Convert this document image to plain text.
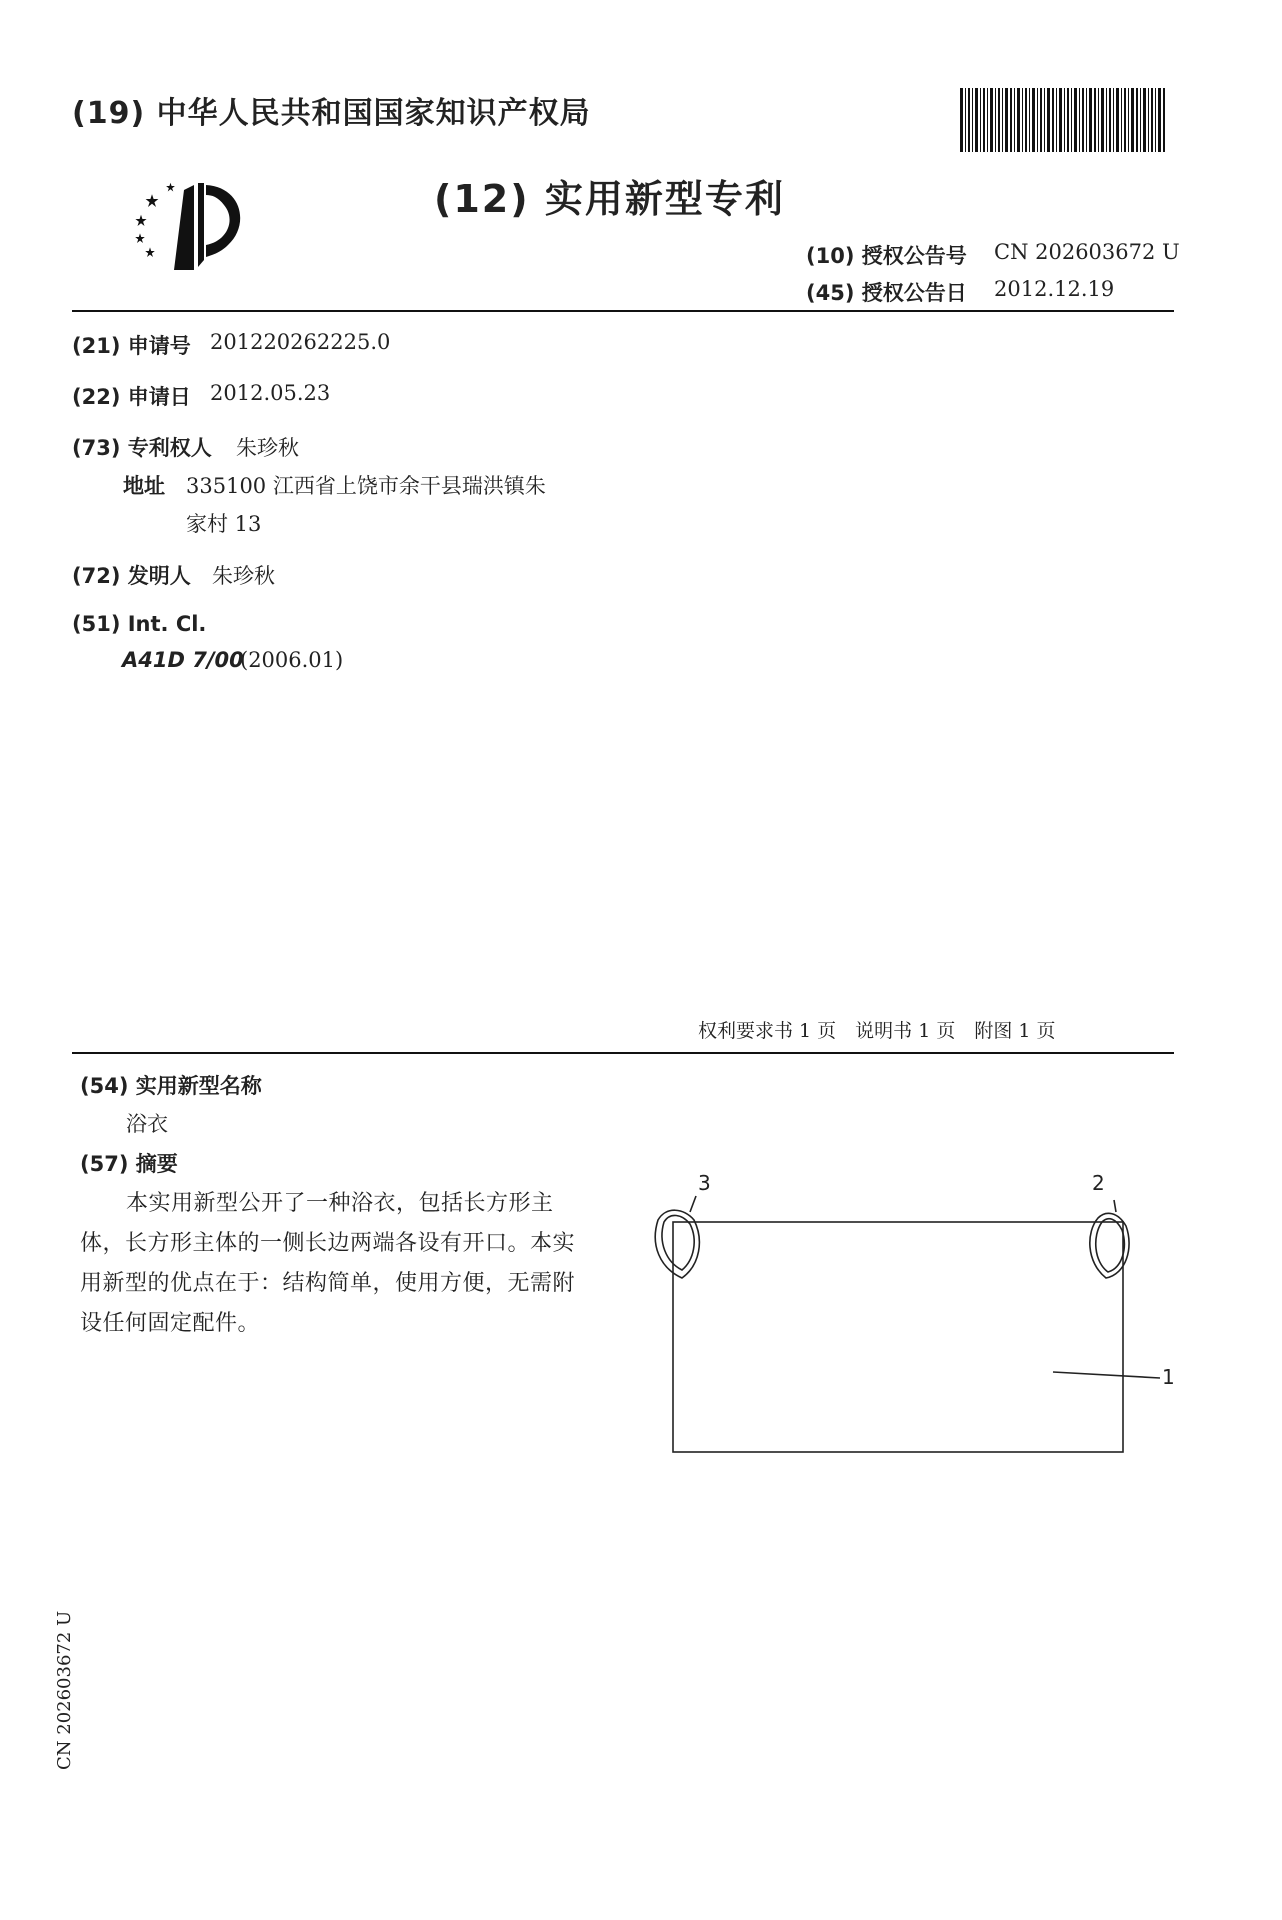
(19) 中华人民共和国国家知识产权局
(12) 实用新型专利
(10) 授权公告号 CN 202603672 U
(45) 授权公告日 2012.12.19
(21) 申请号 201220262225.0
(22) 申请日 2012.05.23
(73) 专利权人 朱珍秋
地址 335100 江西省上饶市余干县瑞洪镇朱
家村 13
(72) 发明人 朱珍秋
(51) Int. Cl.
A41D 7/00
(2006.01)
权利要求书 1 页　说明书 1 页　附图 1 页
(54) 实用新型名称
浴衣
(57) 摘要
本实用新型公开了一种浴衣，包括长方形主
体，长方形主体的一侧长边两端各设有开口。本实
用新型的优点在于：结构简单，使用方便，无需附
设任何固定配件。
3	2
1
CN 202603672 U
